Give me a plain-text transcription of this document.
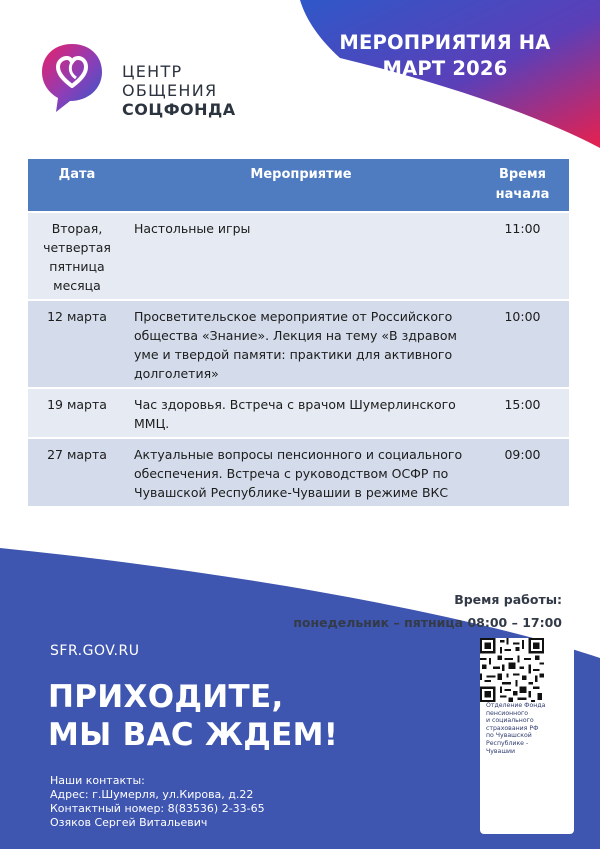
ЦЕНТР
ОБЩЕНИЯ
СОЦФОНДА
МЕРОПРИЯТИЯ НА
МАРТ 2026
Дата	Мероприятие	Время
начала

Вторая, четвертая пятница месяца	Настольные игры	11:00
12 марта	Просветительское мероприятие от Российского общества «Знание». Лекция на тему «В здравом уме и твердой памяти: практики для активного долголетия»	10:00
19 марта	Час здоровья. Встреча с врачом Шумерлинского ММЦ.	15:00
27 марта	Актуальные вопросы пенсионного и социального обеспечения. Встреча с руководством ОСФР по Чувашской Республике-Чувашии в режиме ВКС	09:00
Время работы:
понедельник – пятница 08:00 – 17:00
SFR.GOV.RU
ПРИХОДИТЕ,
МЫ ВАС ЖДЕМ!
Наши контакты:
Адрес: г.Шумерля, ул.Кирова, д.22
Контактный номер: 8(83536) 2-33-65
Озяков Сергей Витальевич
Отделение Фонда
пенсионного
и социального
страхования РФ
по Чувашской
Республике -
Чувашии
